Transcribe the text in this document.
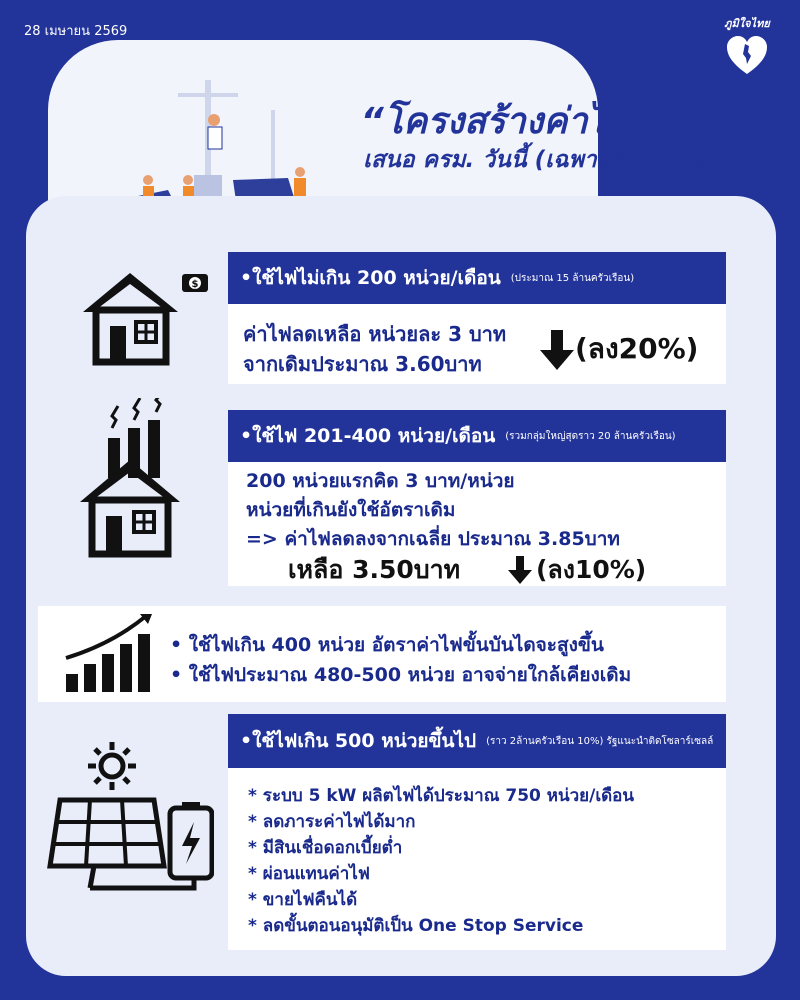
28 เมษายน 2569
ภูมิใจไทย
“โครงสร้างค่าไฟใหม่”
เสนอ ครม. วันนี้ (เฉพาะที่อยู่อาศัย)
$ •ใช้ไฟไม่เกิน 200 หน่วย/เดือน (ประมาณ 15 ล้านครัวเรือน)
ค่าไฟลดเหลือ หน่วยละ 3 บาท
จากเดิมประมาณ 3.60บาท	(ลง20%)
•ใช้ไฟ 201-400 หน่วย/เดือน (รวมกลุ่มใหญ่สุดราว 20 ล้านครัวเรือน)
200 หน่วยแรกคิด 3 บาท/หน่วย
หน่วยที่เกินยังใช้อัตราเดิม
=> ค่าไฟลดลงจากเฉลี่ย ประมาณ 3.85บาท
เหลือ 3.50บาท	(ลง10%)
• ใช้ไฟเกิน 400 หน่วย อัตราค่าไฟขั้นบันไดจะสูงขึ้น
• ใช้ไฟประมาณ 480-500 หน่วย อาจจ่ายใกล้เคียงเดิม
•ใช้ไฟเกิน 500 หน่วยขึ้นไป (ราว 2ล้านครัวเรือน 10%) รัฐแนะนำติดโซลาร์เซลล์
* ระบบ 5 kW ผลิตไฟได้ประมาณ 750 หน่วย/เดือน
* ลดภาระค่าไฟได้มาก
* มีสินเชื่อดอกเบี้ยต่ำ
* ผ่อนแทนค่าไฟ
* ขายไฟคืนได้
* ลดขั้นตอนอนุมัติเป็น One Stop Service
